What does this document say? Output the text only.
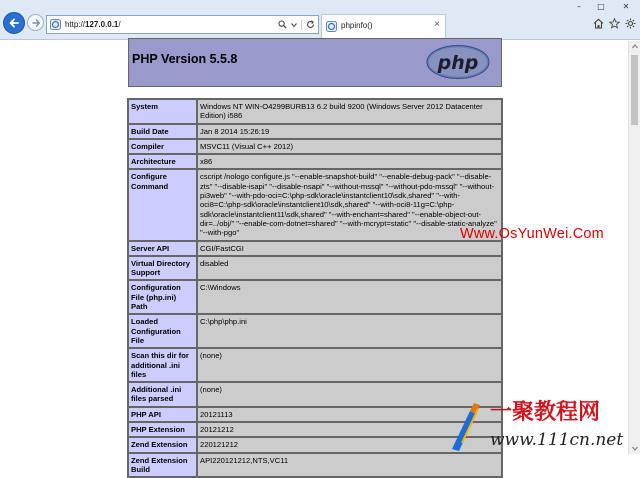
–	□	✕
http://127.0.0.1/	phpinfo()	×
PHP Version 5.5.8	php
System	Windows NT WIN-O4299BURB13 6.2 build 9200 (Windows Server 2012 Datacenter Edition) i586
Build Date	Jan 8 2014 15:26:19
Compiler	MSVC11 (Visual C++ 2012)
Architecture	x86
Configure Command	cscript /nologo configure.js "--enable-snapshot-build" "--enable-debug-pack" "--disable-zts" "--disable-isapi" "--disable-nsapi" "--without-mssql" "--without-pdo-mssql" "--without-pi3web" "--with-pdo-oci=C:\php-sdk\oracle\instantclient10\sdk,shared" "--with-oci8=C:\php-sdk\oracle\instantclient10\sdk,shared" "--with-oci8-11g=C:\php-sdk\oracle\instantclient11\sdk,shared" "--with-enchant=shared" "--enable-object-out-dir=../obj/" "--enable-com-dotnet=shared" "--with-mcrypt=static" "--disable-static-analyze" "--with-pgo"
Server API	CGI/FastCGI
Virtual Directory Support	disabled
Configuration File (php.ini) Path	C:\Windows
Loaded Configuration File	C:\php\php.ini
Scan this dir for additional .ini files	(none)
Additional .ini files parsed	(none)
PHP API	20121113
PHP Extension	20121212
Zend Extension	220121212
Zend Extension Build	API220121212,NTS,VC11
Www.OsYunWei.Com
一聚教程网
www.111cn.net
